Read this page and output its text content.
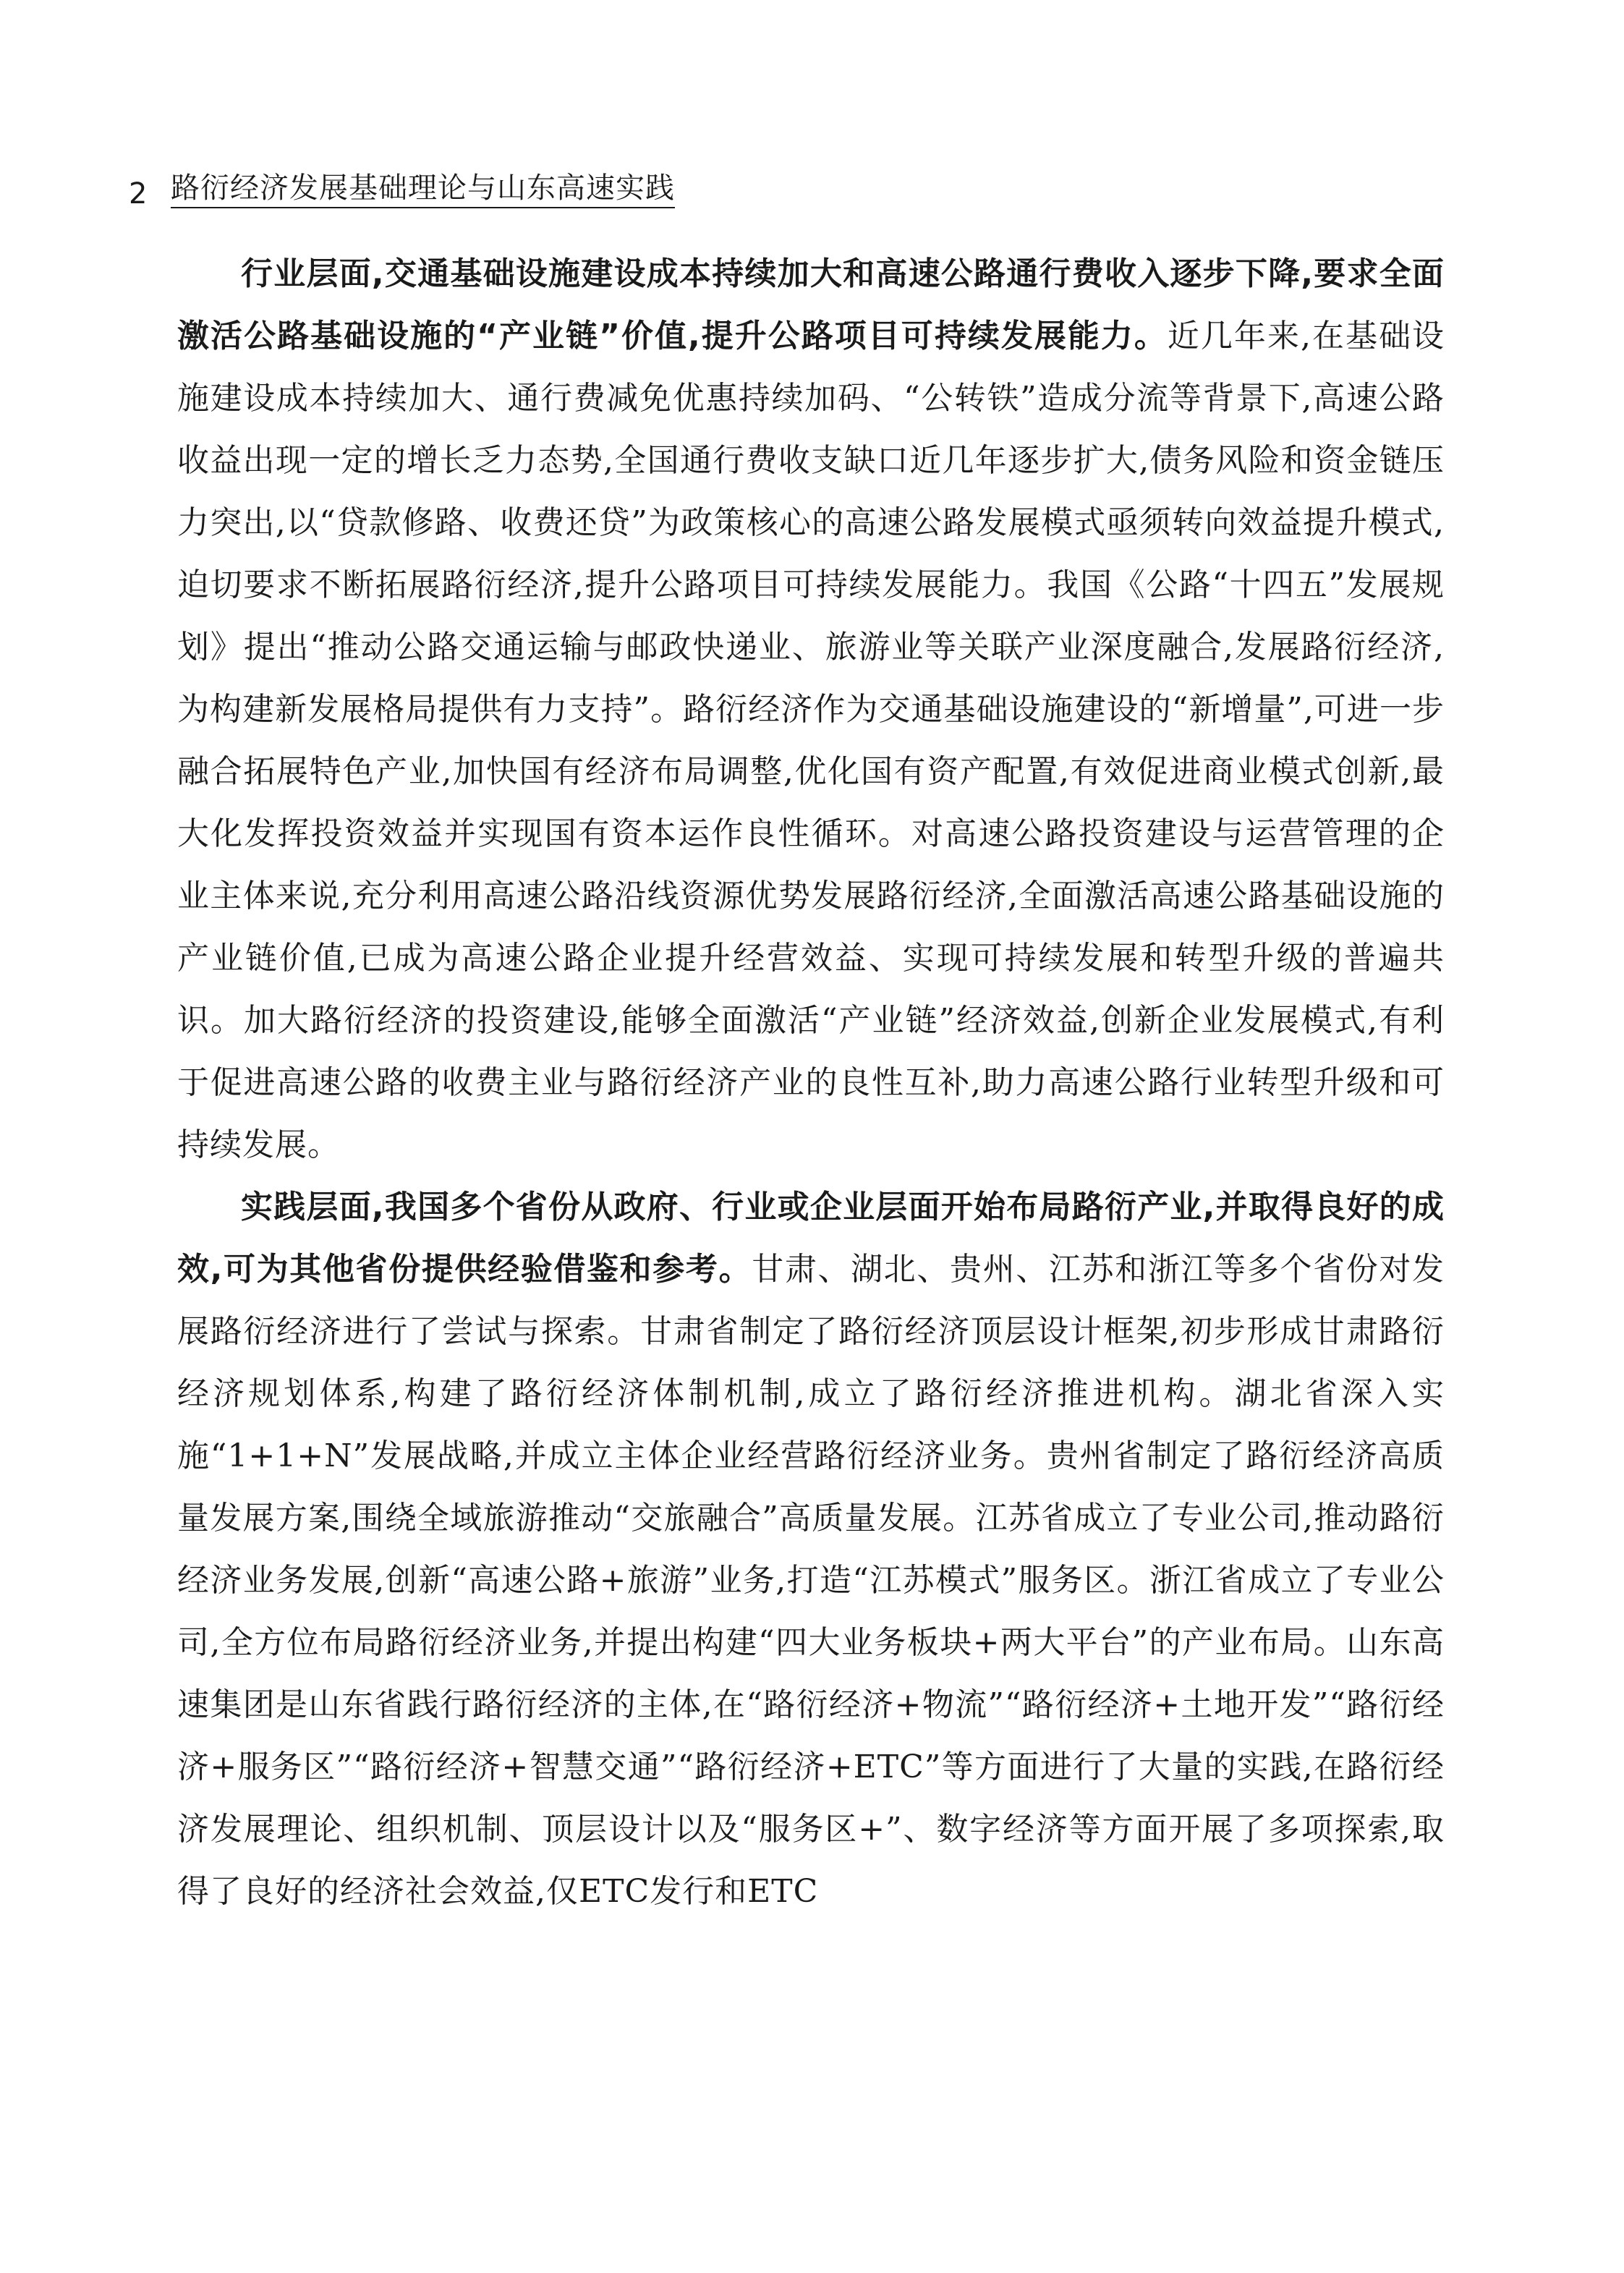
2 路衍经济发展基础理论与山东高速实践

行业层面,交通基础设施建设成本持续加大和高速公路通行费收入逐步下降,要求全面激活公路基础设施的“产业链”价值,提升公路项目可持续发展能力。近几年来,在基础设施建设成本持续加大、通行费减免优惠持续加码、“公转铁”造成分流等背景下,高速公路收益出现一定的增长乏力态势,全国通行费收支缺口近几年逐步扩大,债务风险和资金链压力突出,以“贷款修路、收费还贷”为政策核心的高速公路发展模式亟须转向效益提升模式,迫切要求不断拓展路衍经济,提升公路项目可持续发展能力。我国《公路“十四五”发展规划》提出“推动公路交通运输与邮政快递业、旅游业等关联产业深度融合,发展路衍经济,为构建新发展格局提供有力支持”。路衍经济作为交通基础设施建设的“新增量”,可进一步融合拓展特色产业,加快国有经济布局调整,优化国有资产配置,有效促进商业模式创新,最大化发挥投资效益并实现国有资本运作良性循环。对高速公路投资建设与运营管理的企业主体来说,充分利用高速公路沿线资源优势发展路衍经济,全面激活高速公路基础设施的产业链价值,已成为高速公路企业提升经营效益、实现可持续发展和转型升级的普遍共识。加大路衍经济的投资建设,能够全面激活“产业链”经济效益,创新企业发展模式,有利于促进高速公路的收费主业与路衍经济产业的良性互补,助力高速公路行业转型升级和可持续发展。

实践层面,我国多个省份从政府、行业或企业层面开始布局路衍产业,并取得良好的成效,可为其他省份提供经验借鉴和参考。甘肃、湖北、贵州、江苏和浙江等多个省份对发展路衍经济进行了尝试与探索。甘肃省制定了路衍经济顶层设计框架,初步形成甘肃路衍经济规划体系,构建了路衍经济体制机制,成立了路衍经济推进机构。湖北省深入实施“1+1+N”发展战略,并成立主体企业经营路衍经济业务。贵州省制定了路衍经济高质量发展方案,围绕全域旅游推动“交旅融合”高质量发展。江苏省成立了专业公司,推动路衍经济业务发展,创新“高速公路+旅游”业务,打造“江苏模式”服务区。浙江省成立了专业公司,全方位布局路衍经济业务,并提出构建“四大业务板块+两大平台”的产业布局。山东高速集团是山东省践行路衍经济的主体,在“路衍经济+物流”“路衍经济+土地开发”“路衍经济+服务区”“路衍经济+智慧交通”“路衍经济+ETC”等方面进行了大量的实践,在路衍经济发展理论、组织机制、顶层设计以及“服务区+”、数字经济等方面开展了多项探索,取得了良好的经济社会效益,仅ETC发行和ETC
